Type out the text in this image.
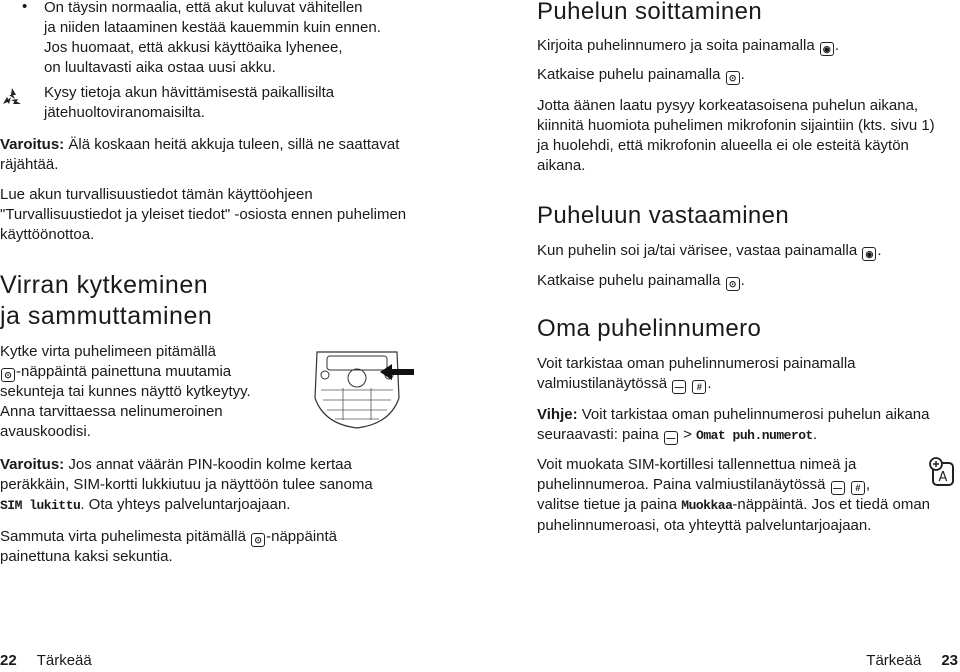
• On täysin normaalia, että akut kuluvat vähitellen

ja niiden lataaminen kestää kauemmin kuin ennen.

Jos huomaat, että akkusi käyttöaika lyhenee,

on luultavasti aika ostaa uusi akku.

Kysy tietoja akun hävittämisestä paikallisilta

jätehuoltoviranomaisilta.

Varoitus: Älä koskaan heitä akkuja tuleen, sillä ne saattavat

räjähtää.

Lue akun turvallisuustiedot tämän käyttöohjeen

"Turvallisuustiedot ja yleiset tiedot" -osiosta ennen puhelimen

käyttöönottoa.

Virran kytkeminen
ja sammuttaminen

Kytke virta puhelimeen pitämällä

⊙ -näppäintä painettuna muutamia

sekunteja tai kunnes näyttö kytkeytyy.

Anna tarvittaessa nelinumeroinen

avauskoodisi.

Varoitus: Jos annat väärän PIN-koodin kolme kertaa

peräkkäin, SIM-kortti lukkiutuu ja näyttöön tulee sanoma

SIM lukittu. Ota yhteys palveluntarjoajaan.

Sammuta virta puhelimesta pitämällä ⊙ -näppäintä

painettuna kaksi sekuntia.

Puhelun soittaminen

Kirjoita puhelinnumero ja soita painamalla ◉ .

Katkaise puhelu painamalla ⊙ .

Jotta äänen laatu pysyy korkeatasoisena puhelun aikana,

kiinnitä huomiota puhelimen mikrofonin sijaintiin (kts. sivu 1)

ja huolehdi, että mikrofonin alueella ei ole esteitä käytön

aikana.

Puheluun vastaaminen

Kun puhelin soi ja/tai värisee, vastaa painamalla ◉ .

Katkaise puhelu painamalla ⊙ .

Oma puhelinnumero

Voit tarkistaa oman puhelinnumerosi painamalla

valmiustilanäytössä — # .

Vihje: Voit tarkistaa oman puhelinnumerosi puhelun aikana

seuraavasti: paina — > Omat puh.numerot.

Voit muokata SIM-kortillesi tallennettua nimeä ja

puhelinnumeroa. Paina valmiustilanäytössä — # ,

valitse tietue ja paina Muokkaa-näppäintä. Jos et tiedä oman

puhelinnumeroasi, ota yhteyttä palveluntarjoajaan.

A
22 Tärkeää	Tärkeää 23
